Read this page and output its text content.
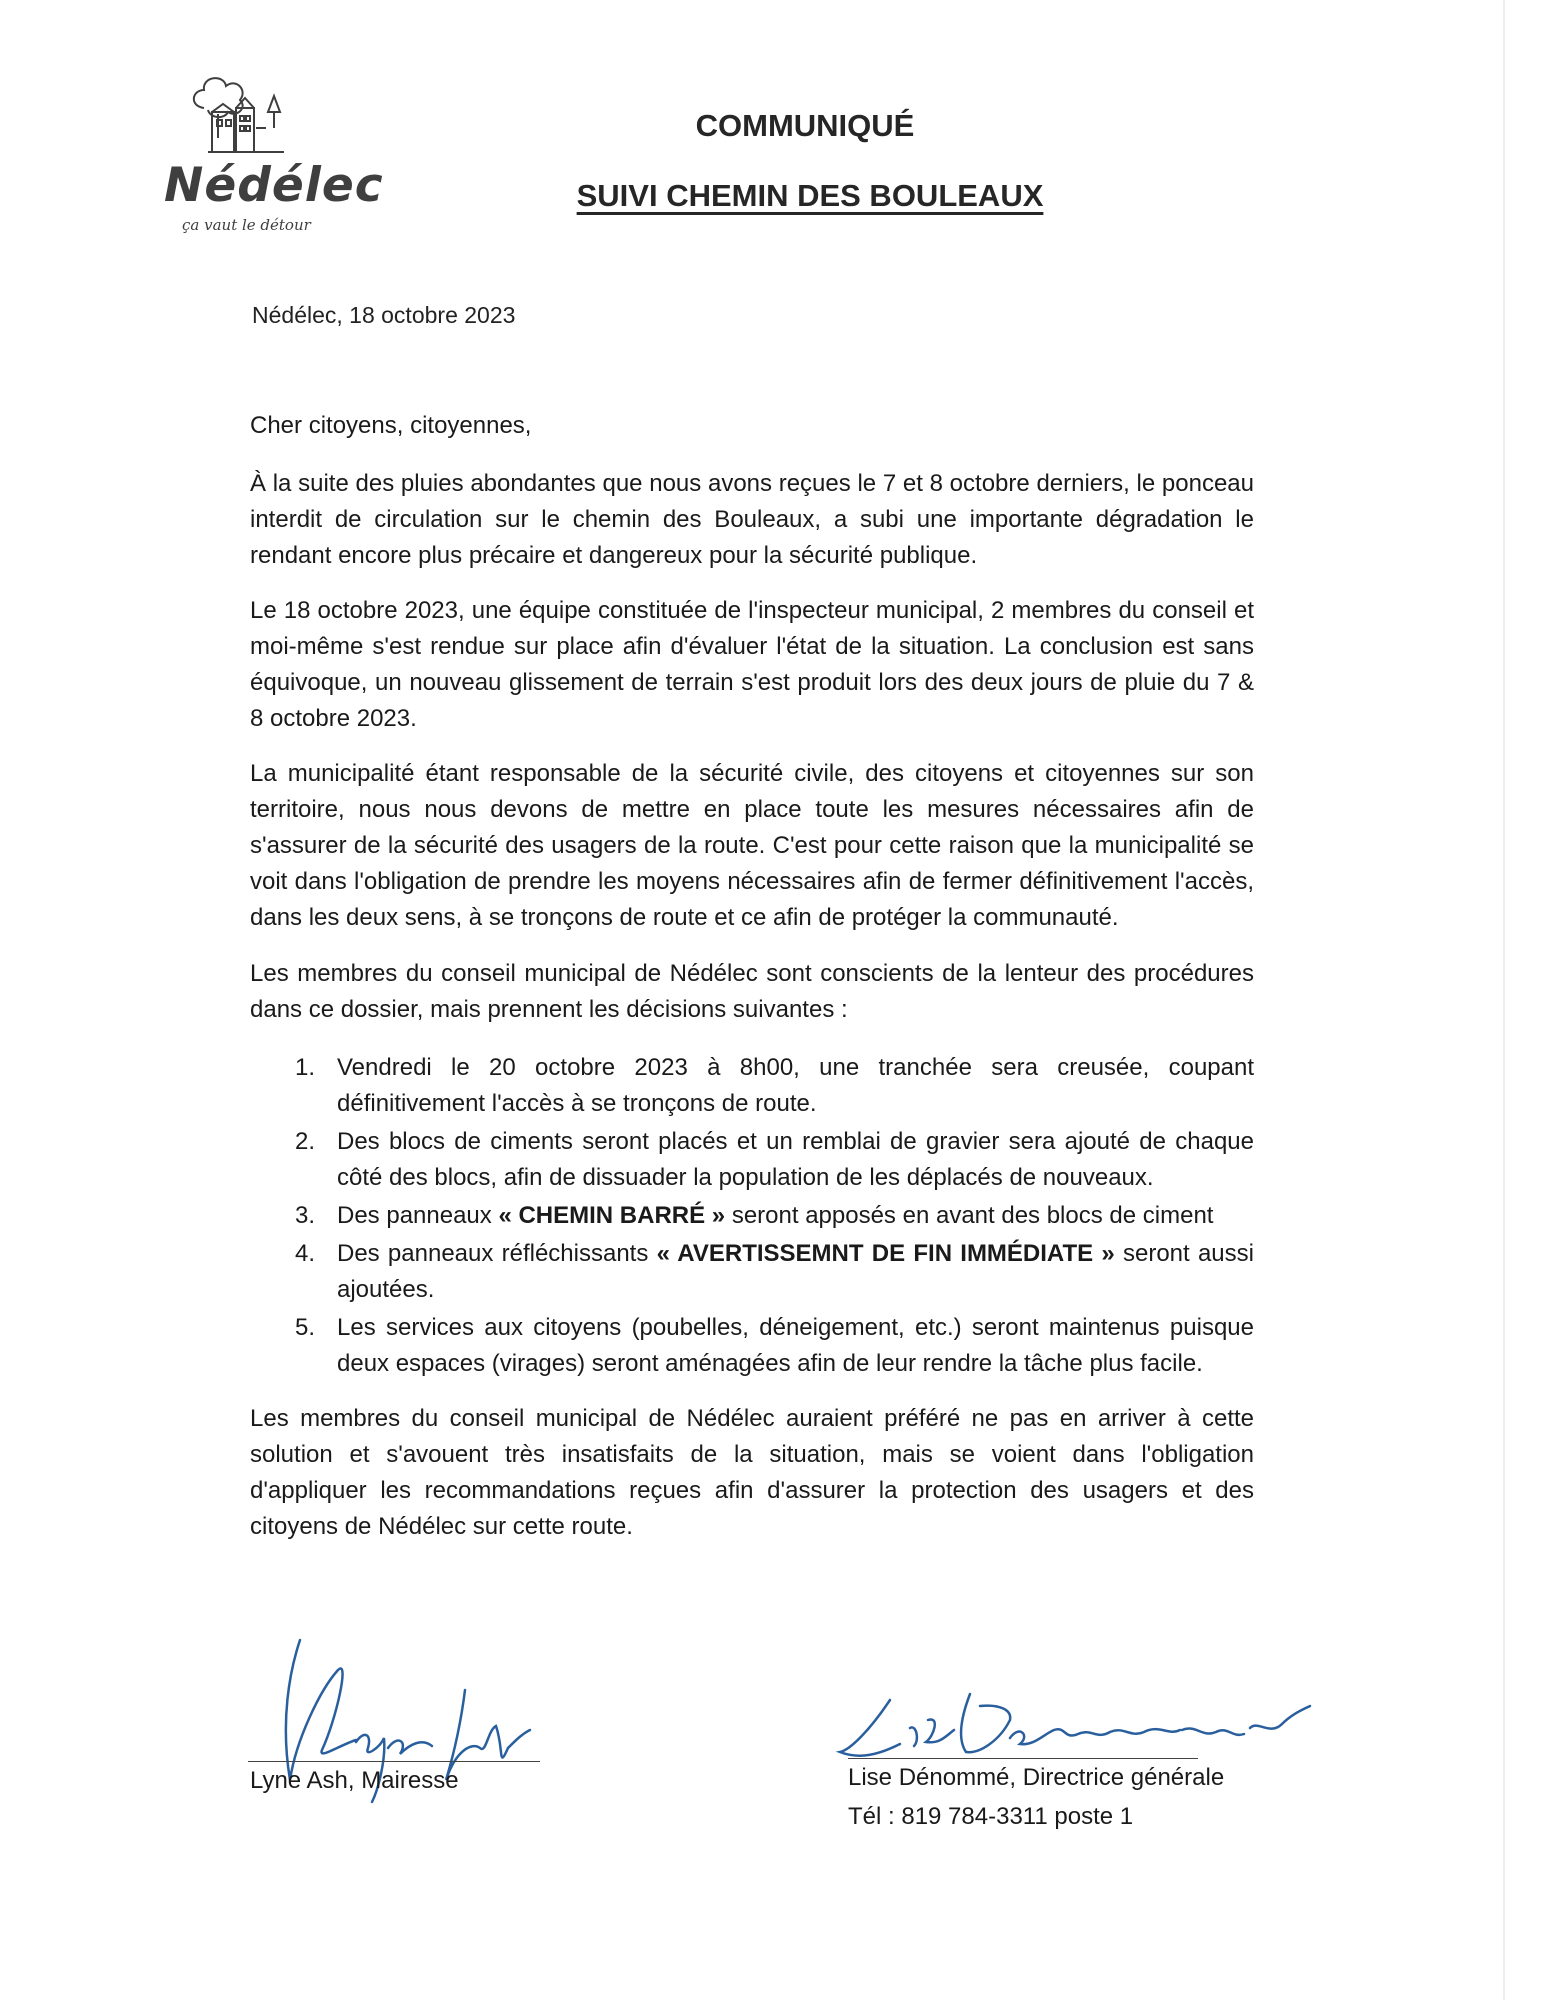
Nédélec
ça vaut le détour
COMMUNIQUÉ
SUIVI CHEMIN DES BOULEAUX
Nédélec, 18 octobre 2023

Cher citoyens, citoyennes,

À la suite des pluies abondantes que nous avons reçues le 7 et 8 octobre derniers, le ponceau interdit de circulation sur le chemin des Bouleaux, a subi une importante dégradation le rendant encore plus précaire et dangereux pour la sécurité publique.

Le 18 octobre 2023, une équipe constituée de l'inspecteur municipal, 2 membres du conseil et moi-même s'est rendue sur place afin d'évaluer l'état de la situation. La conclusion est sans équivoque, un nouveau glissement de terrain s'est produit lors des deux jours de pluie du 7 & 8 octobre 2023.

La municipalité étant responsable de la sécurité civile, des citoyens et citoyennes sur son territoire, nous nous devons de mettre en place toute les mesures nécessaires afin de s'assurer de la sécurité des usagers de la route. C'est pour cette raison que la municipalité se voit dans l'obligation de prendre les moyens nécessaires afin de fermer définitivement l'accès, dans les deux sens, à se tronçons de route et ce afin de protéger la communauté.

Les membres du conseil municipal de Nédélec sont conscients de la lenteur des procédures dans ce dossier, mais prennent les décisions suivantes :

1. Vendredi le 20 octobre 2023 à 8h00, une tranchée sera creusée, coupant définitivement l'accès à se tronçons de route.
2. Des blocs de ciments seront placés et un remblai de gravier sera ajouté de chaque côté des blocs, afin de dissuader la population de les déplacés de nouveaux.
3. Des panneaux « CHEMIN BARRÉ » seront apposés en avant des blocs de ciment
4. Des panneaux réfléchissants « AVERTISSEMNT DE FIN IMMÉDIATE » seront aussi ajoutées.
5. Les services aux citoyens (poubelles, déneigement, etc.) seront maintenus puisque deux espaces (virages) seront aménagées afin de leur rendre la tâche plus facile.

Les membres du conseil municipal de Nédélec auraient préféré ne pas en arriver à cette solution et s'avouent très insatisfaits de la situation, mais se voient dans l'obligation d'appliquer les recommandations reçues afin d'assurer la protection des usagers et des citoyens de Nédélec sur cette route.

Lyne Ash, Mairesse	Lise Dénommé, Directrice générale
Tél : 819 784-3311 poste 1
